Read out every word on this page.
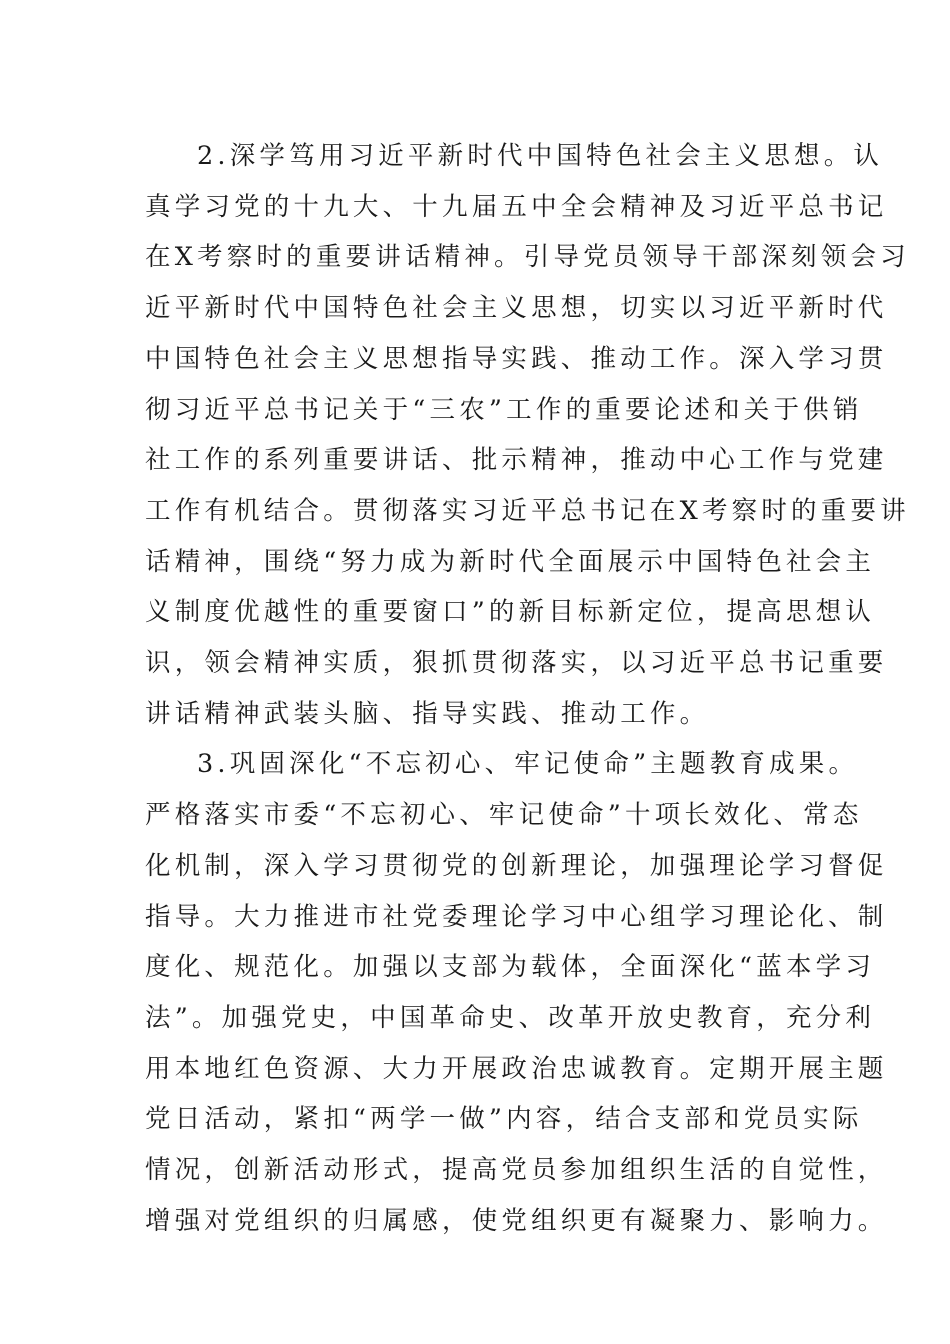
2.深学笃用习近平新时代中国特色社会主义思想。认
真学习党的十九大、十九届五中全会精神及习近平总书记
在X考察时的重要讲话精神。引导党员领导干部深刻领会习
近平新时代中国特色社会主义思想，切实以习近平新时代
中国特色社会主义思想指导实践、推动工作。深入学习贯
彻习近平总书记关于“三农”工作的重要论述和关于供销
社工作的系列重要讲话、批示精神，推动中心工作与党建
工作有机结合。贯彻落实习近平总书记在X考察时的重要讲
话精神，围绕“努力成为新时代全面展示中国特色社会主
义制度优越性的重要窗口”的新目标新定位，提高思想认
识，领会精神实质，狠抓贯彻落实，以习近平总书记重要
讲话精神武装头脑、指导实践、推动工作。
3.巩固深化“不忘初心、牢记使命”主题教育成果。
严格落实市委“不忘初心、牢记使命”十项长效化、常态
化机制，深入学习贯彻党的创新理论，加强理论学习督促
指导。大力推进市社党委理论学习中心组学习理论化、制
度化、规范化。加强以支部为载体，全面深化“蓝本学习
法”。加强党史，中国革命史、改革开放史教育，充分利
用本地红色资源、大力开展政治忠诚教育。定期开展主题
党日活动，紧扣“两学一做”内容，结合支部和党员实际
情况，创新活动形式，提高党员参加组织生活的自觉性，
增强对党组织的归属感，使党组织更有凝聚力、影响力。
